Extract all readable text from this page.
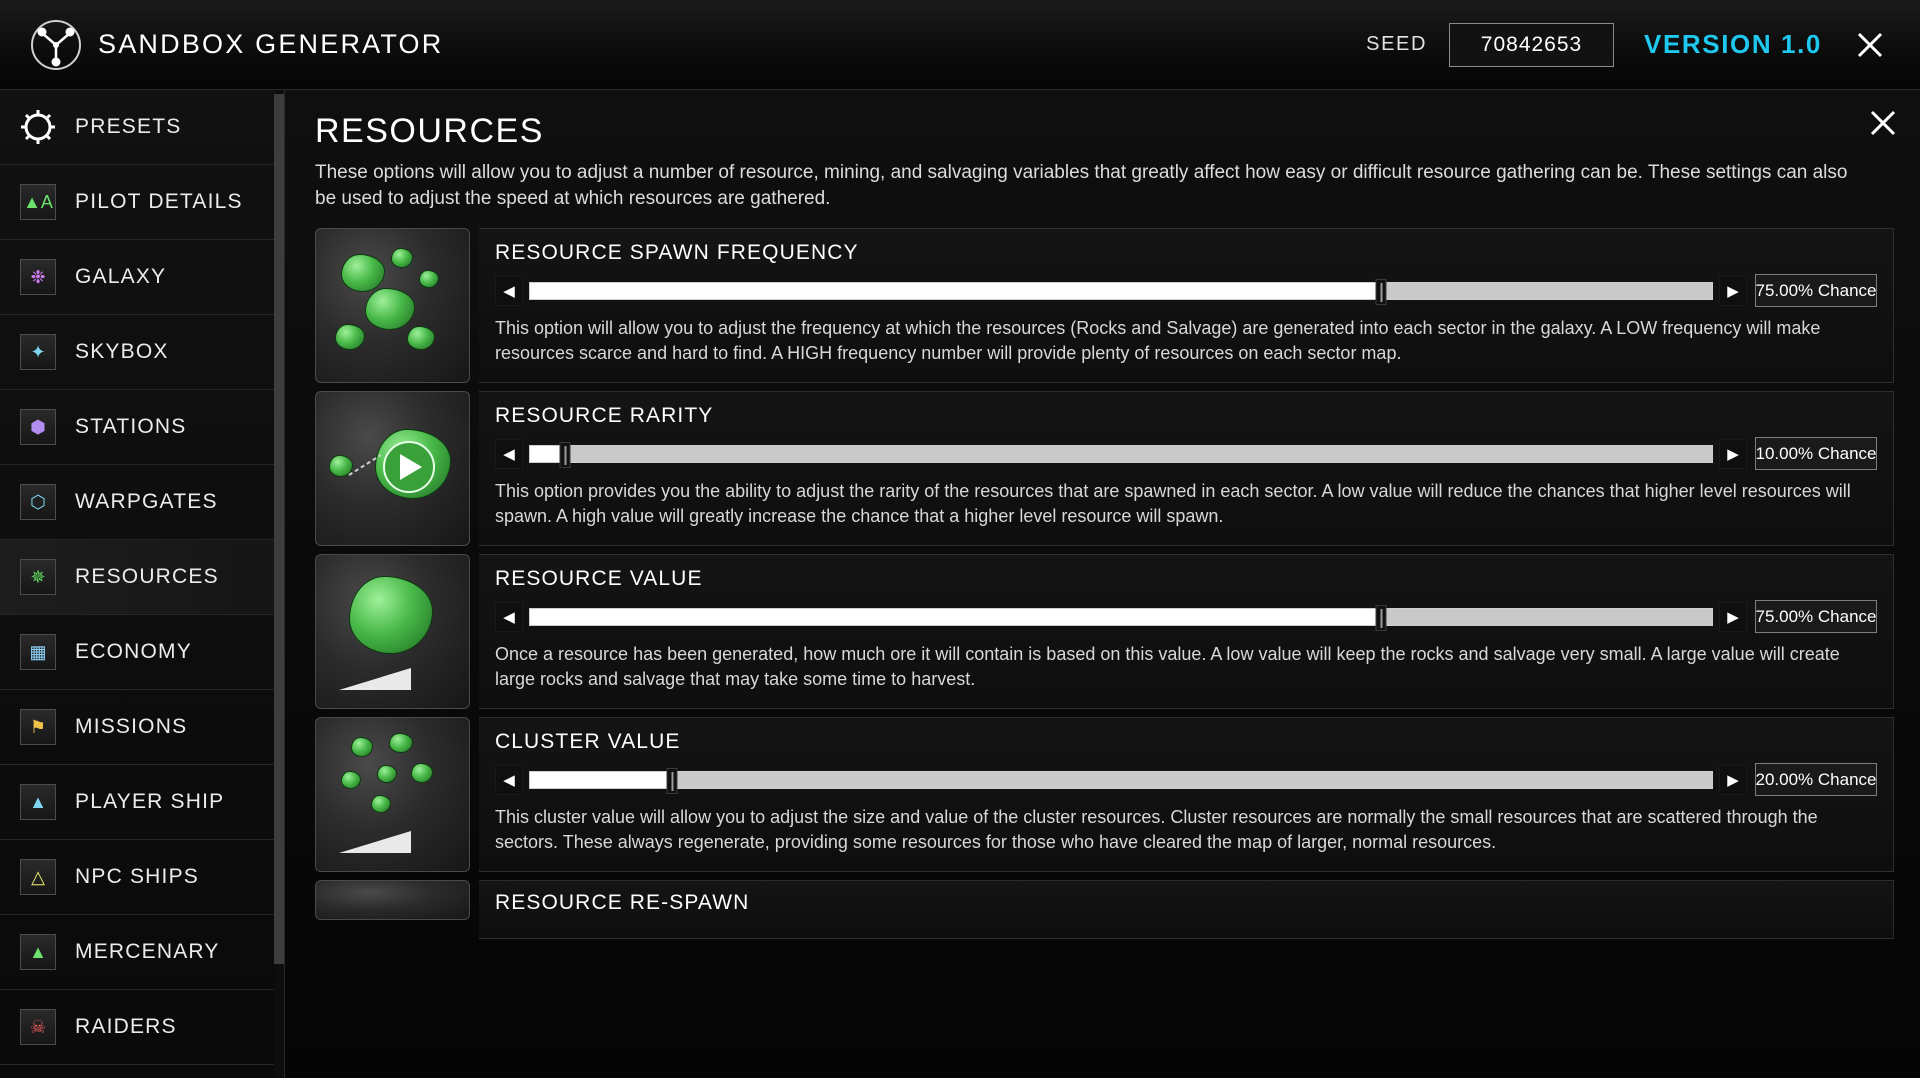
SANDBOX GENERATOR	SEED	70842653	VERSION 1.0
PRESETS
▲A PILOT DETAILS
❉	GALAXY
✦	SKYBOX
⬢	STATIONS
⬡	WARPGATES
✵	RESOURCES
▦	ECONOMY
⚑	MISSIONS
▲	PLAYER SHIP
△	NPC SHIPS
▲	MERCENARY
☠	RAIDERS
RESOURCES
These options will allow you to adjust a number of resource, mining, and salvaging variables that greatly affect how easy or difficult resource gathering can be. These settings can also be used to adjust the speed at which resources are gathered.
RESOURCE SPAWN FREQUENCY
◀	▶ 75.00% Chance
This option will allow you to adjust the frequency at which the resources (Rocks and Salvage) are generated into each sector in the galaxy. A LOW frequency will make resources scarce and hard to find. A HIGH frequency number will provide plenty of resources on each sector map.
RESOURCE RARITY
◀	▶ 10.00% Chance
This option provides you the ability to adjust the rarity of the resources that are spawned in each sector. A low value will reduce the chances that higher level resources will spawn. A high value will greatly increase the chance that a higher level resource will spawn.
RESOURCE VALUE
◀	▶ 75.00% Chance
Once a resource has been generated, how much ore it will contain is based on this value. A low value will keep the rocks and salvage very small. A large value will create large rocks and salvage that may take some time to harvest.
CLUSTER VALUE
◀	▶ 20.00% Chance
This cluster value will allow you to adjust the size and value of the cluster resources. Cluster resources are normally the small resources that are scattered through the sectors. These always regenerate, providing some resources for those who have cleared the map of larger, normal resources.
RESOURCE RE-SPAWN
